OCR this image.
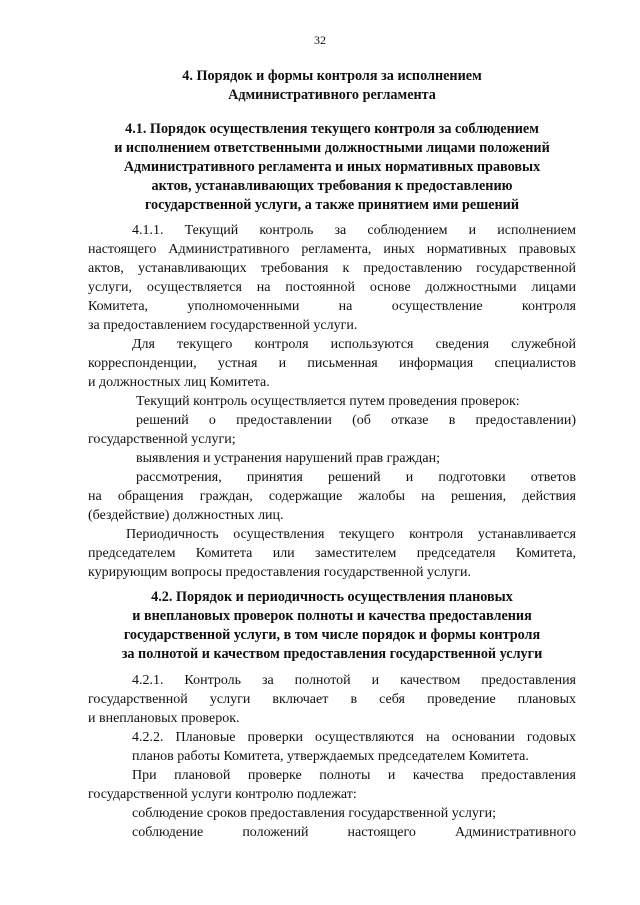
32
4. Порядок и формы контроля за исполнением
Административного регламента
4.1. Порядок осуществления текущего контроля за соблюдением
и исполнением ответственными должностными лицами положений
Административного регламента и иных нормативных правовых
актов, устанавливающих требования к предоставлению
государственной услуги, а также принятием ими решений
4.1.1. Текущий контроль за соблюдением и исполнением
настоящего Административного регламента, иных нормативных правовых
актов, устанавливающих требования к предоставлению государственной
услуги, осуществляется на постоянной основе должностными лицами
Комитета, уполномоченными на осуществление контроля
за предоставлением государственной услуги.
Для текущего контроля используются сведения служебной
корреспонденции, устная и письменная информация специалистов
и должностных лиц Комитета.
Текущий контроль осуществляется путем проведения проверок:
решений о предоставлении (об отказе в предоставлении)
государственной услуги;
выявления и устранения нарушений прав граждан;
рассмотрения, принятия решений и подготовки ответов
на обращения граждан, содержащие жалобы на решения, действия
(бездействие) должностных лиц.
Периодичность осуществления текущего контроля устанавливается
председателем Комитета или заместителем председателя Комитета,
курирующим вопросы предоставления государственной услуги.
4.2. Порядок и периодичность осуществления плановых
и внеплановых проверок полноты и качества предоставления
государственной услуги, в том числе порядок и формы контроля
за полнотой и качеством предоставления государственной услуги
4.2.1. Контроль за полнотой и качеством предоставления
государственной услуги включает в себя проведение плановых
и внеплановых проверок.
4.2.2. Плановые проверки осуществляются на основании годовых
планов работы Комитета, утверждаемых председателем Комитета.
При плановой проверке полноты и качества предоставления
государственной услуги контролю подлежат:
соблюдение сроков предоставления государственной услуги;
соблюдение положений настоящего Административного
